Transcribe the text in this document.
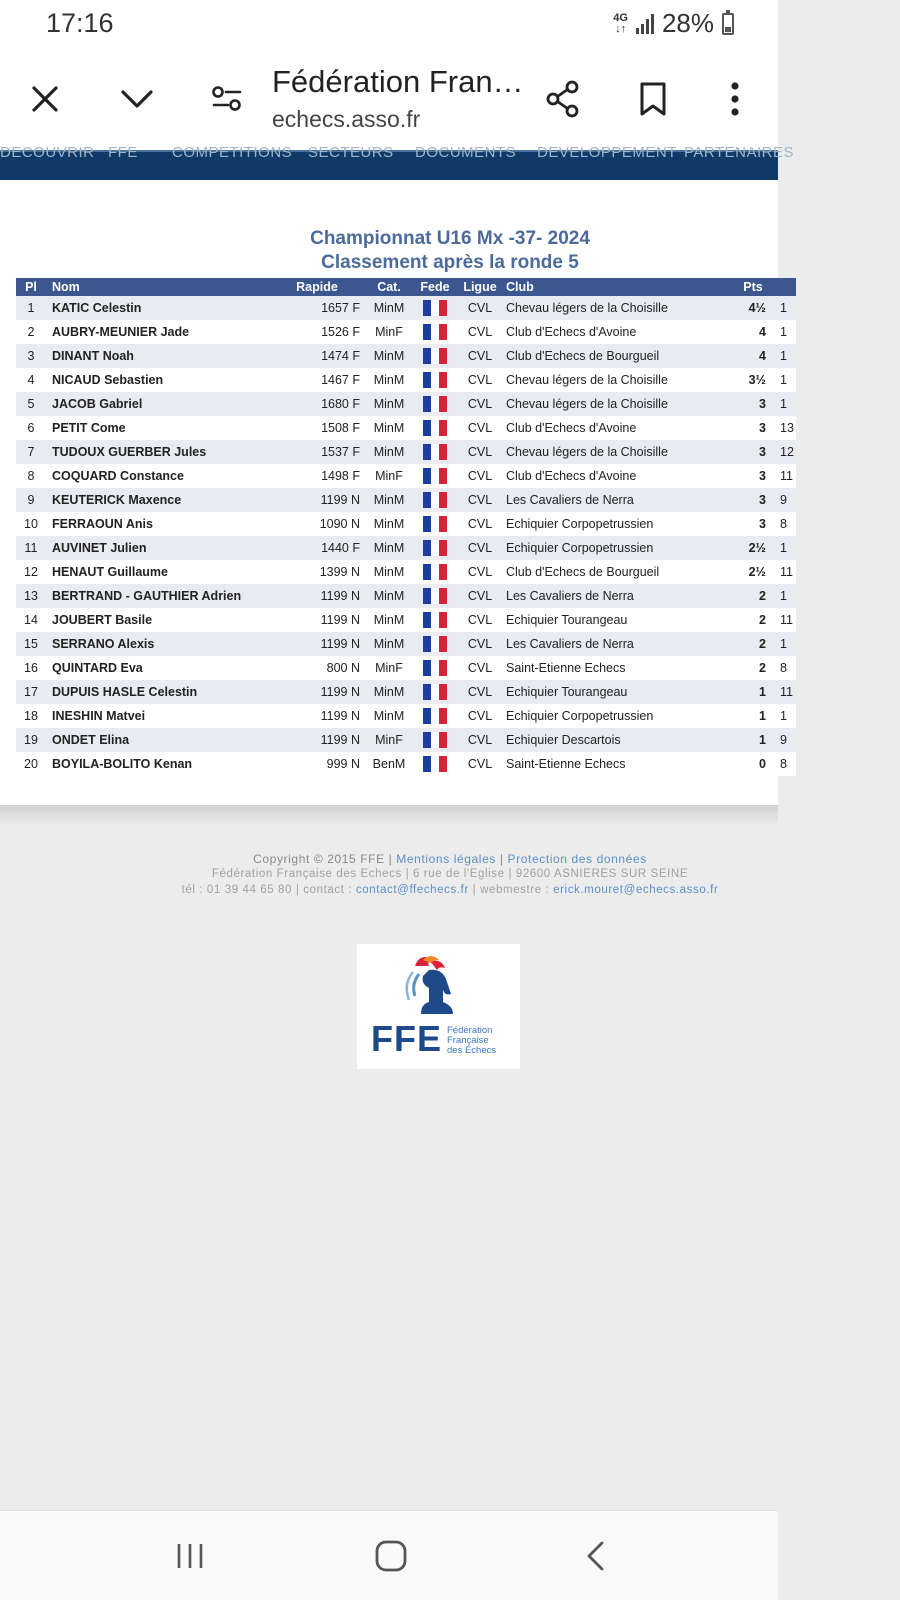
17:16	4G
↓↑ 28%
Fédération Fran…
echecs.asso.fr
DECOUVRIR FFE COMPETITIONS SECTEURS DOCUMENTS DEVELOPPEMENT PARTENAIRES
Championnat U16 Mx -37- 2024
Classement après la ronde 5
Pl	Nom	Rapide	Cat.	Fede	Ligue	Club	Pts	
1	KATIC Celestin	1657 F	MinM		CVL	Chevau légers de la Choisille	4½	1
2	AUBRY-MEUNIER Jade	1526 F	MinF		CVL	Club d'Echecs d'Avoine	4	1
3	DINANT Noah	1474 F	MinM		CVL	Club d'Echecs de Bourgueil	4	1
4	NICAUD Sebastien	1467 F	MinM		CVL	Chevau légers de la Choisille	3½	1
5	JACOB Gabriel	1680 F	MinM		CVL	Chevau légers de la Choisille	3	1
6	PETIT Come	1508 F	MinM		CVL	Club d'Echecs d'Avoine	3	13
7	TUDOUX GUERBER Jules	1537 F	MinM		CVL	Chevau légers de la Choisille	3	12
8	COQUARD Constance	1498 F	MinF		CVL	Club d'Echecs d'Avoine	3	11
9	KEUTERICK Maxence	1199 N	MinM		CVL	Les Cavaliers de Nerra	3	9
10	FERRAOUN Anis	1090 N	MinM		CVL	Echiquier Corpopetrussien	3	8
11	AUVINET Julien	1440 F	MinM		CVL	Echiquier Corpopetrussien	2½	1
12	HENAUT Guillaume	1399 N	MinM		CVL	Club d'Echecs de Bourgueil	2½	11
13	BERTRAND - GAUTHIER Adrien	1199 N	MinM		CVL	Les Cavaliers de Nerra	2	1
14	JOUBERT Basile	1199 N	MinM		CVL	Echiquier Tourangeau	2	11
15	SERRANO Alexis	1199 N	MinM		CVL	Les Cavaliers de Nerra	2	1
16	QUINTARD Eva	800 N	MinF		CVL	Saint-Etienne Echecs	2	8
17	DUPUIS HASLE Celestin	1199 N	MinM		CVL	Echiquier Tourangeau	1	11
18	INESHIN Matvei	1199 N	MinM		CVL	Echiquier Corpopetrussien	1	1
19	ONDET Elina	1199 N	MinF		CVL	Echiquier Descartois	1	9
20	BOYILA-BOLITO Kenan	999 N	BenM		CVL	Saint-Etienne Echecs	0	8
Copyright © 2015 FFE | Mentions légales | Protection des données
Fédération Française des Echecs | 6 rue de l'Eglise | 92600 ASNIERES SUR SEINE
tél : 01 39 44 65 80 | contact : contact@ffechecs.fr | webmestre : erick.mouret@echecs.asso.fr
FFE Fédération
Française
des Échecs
